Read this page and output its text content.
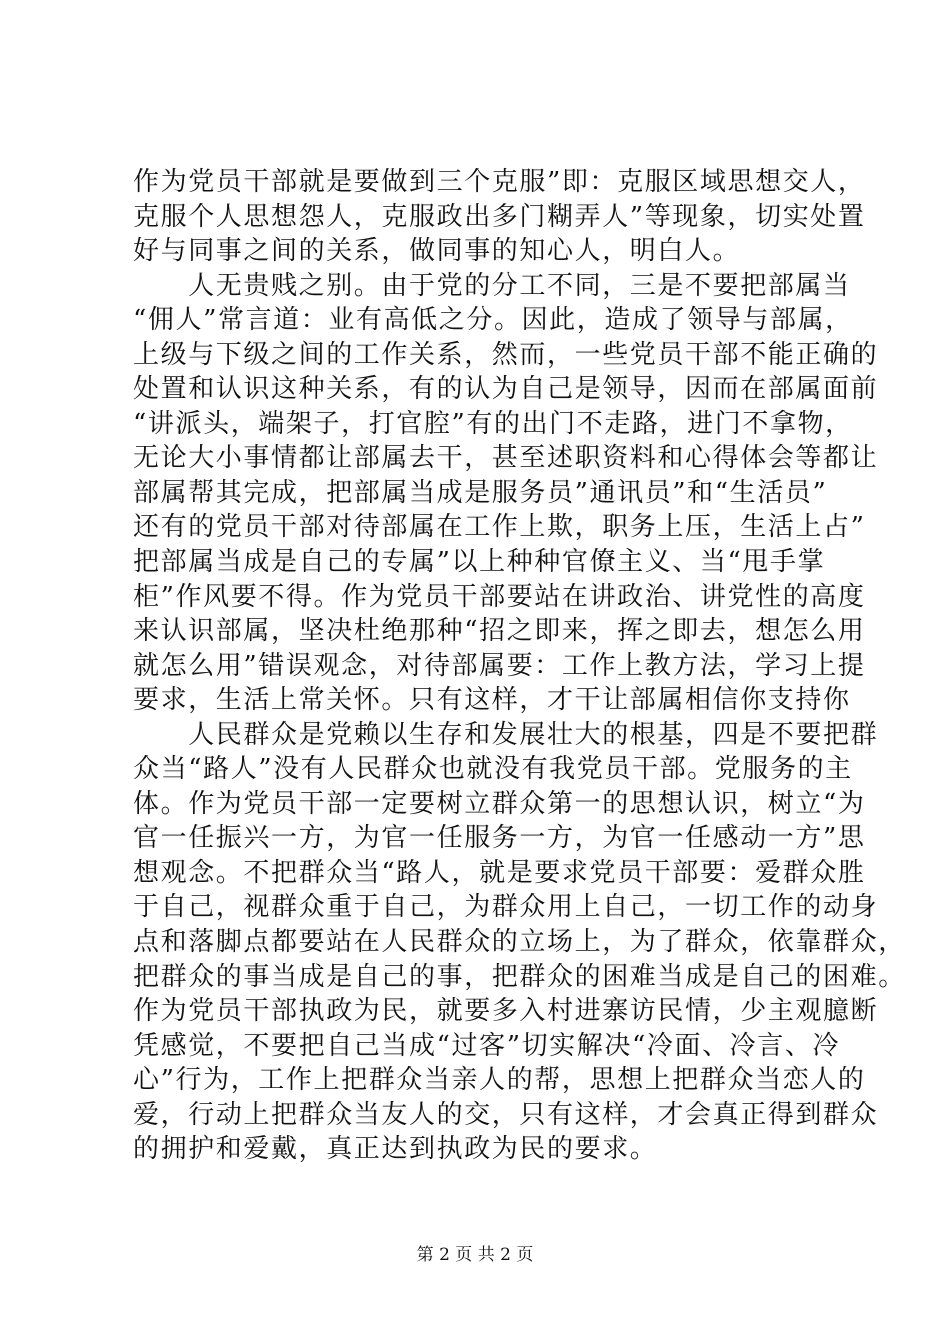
作为党员干部就是要做到三个克服”即：克服区域思想交人，
克服个人思想怨人，克服政出多门糊弄人”等现象，切实处置
好与同事之间的关系，做同事的知心人，明白人。
　　人无贵贱之别。由于党的分工不同，三是不要把部属当
“佣人”常言道：业有高低之分。因此，造成了领导与部属，
上级与下级之间的工作关系，然而，一些党员干部不能正确的
处置和认识这种关系，有的认为自己是领导，因而在部属面前
“讲派头，端架子，打官腔”有的出门不走路，进门不拿物，
无论大小事情都让部属去干，甚至述职资料和心得体会等都让
部属帮其完成，把部属当成是服务员”通讯员”和“生活员”
还有的党员干部对待部属在工作上欺，职务上压，生活上占”
把部属当成是自己的专属”以上种种官僚主义、当“甩手掌
柜”作风要不得。作为党员干部要站在讲政治、讲党性的高度
来认识部属，坚决杜绝那种“招之即来，挥之即去，想怎么用
就怎么用”错误观念，对待部属要：工作上教方法，学习上提
要求，生活上常关怀。只有这样，才干让部属相信你支持你
　　人民群众是党赖以生存和发展壮大的根基，四是不要把群
众当“路人”没有人民群众也就没有我党员干部。党服务的主
体。作为党员干部一定要树立群众第一的思想认识，树立“为
官一任振兴一方，为官一任服务一方，为官一任感动一方”思
想观念。不把群众当“路人，就是要求党员干部要：爱群众胜
于自己，视群众重于自己，为群众用上自己，一切工作的动身
点和落脚点都要站在人民群众的立场上，为了群众，依靠群众，
把群众的事当成是自己的事，把群众的困难当成是自己的困难。
作为党员干部执政为民，就要多入村进寨访民情，少主观臆断
凭感觉，不要把自己当成“过客”切实解决“冷面、冷言、冷
心”行为，工作上把群众当亲人的帮，思想上把群众当恋人的
爱，行动上把群众当友人的交，只有这样，才会真正得到群众
的拥护和爱戴，真正达到执政为民的要求。
第 2 页 共 2 页
